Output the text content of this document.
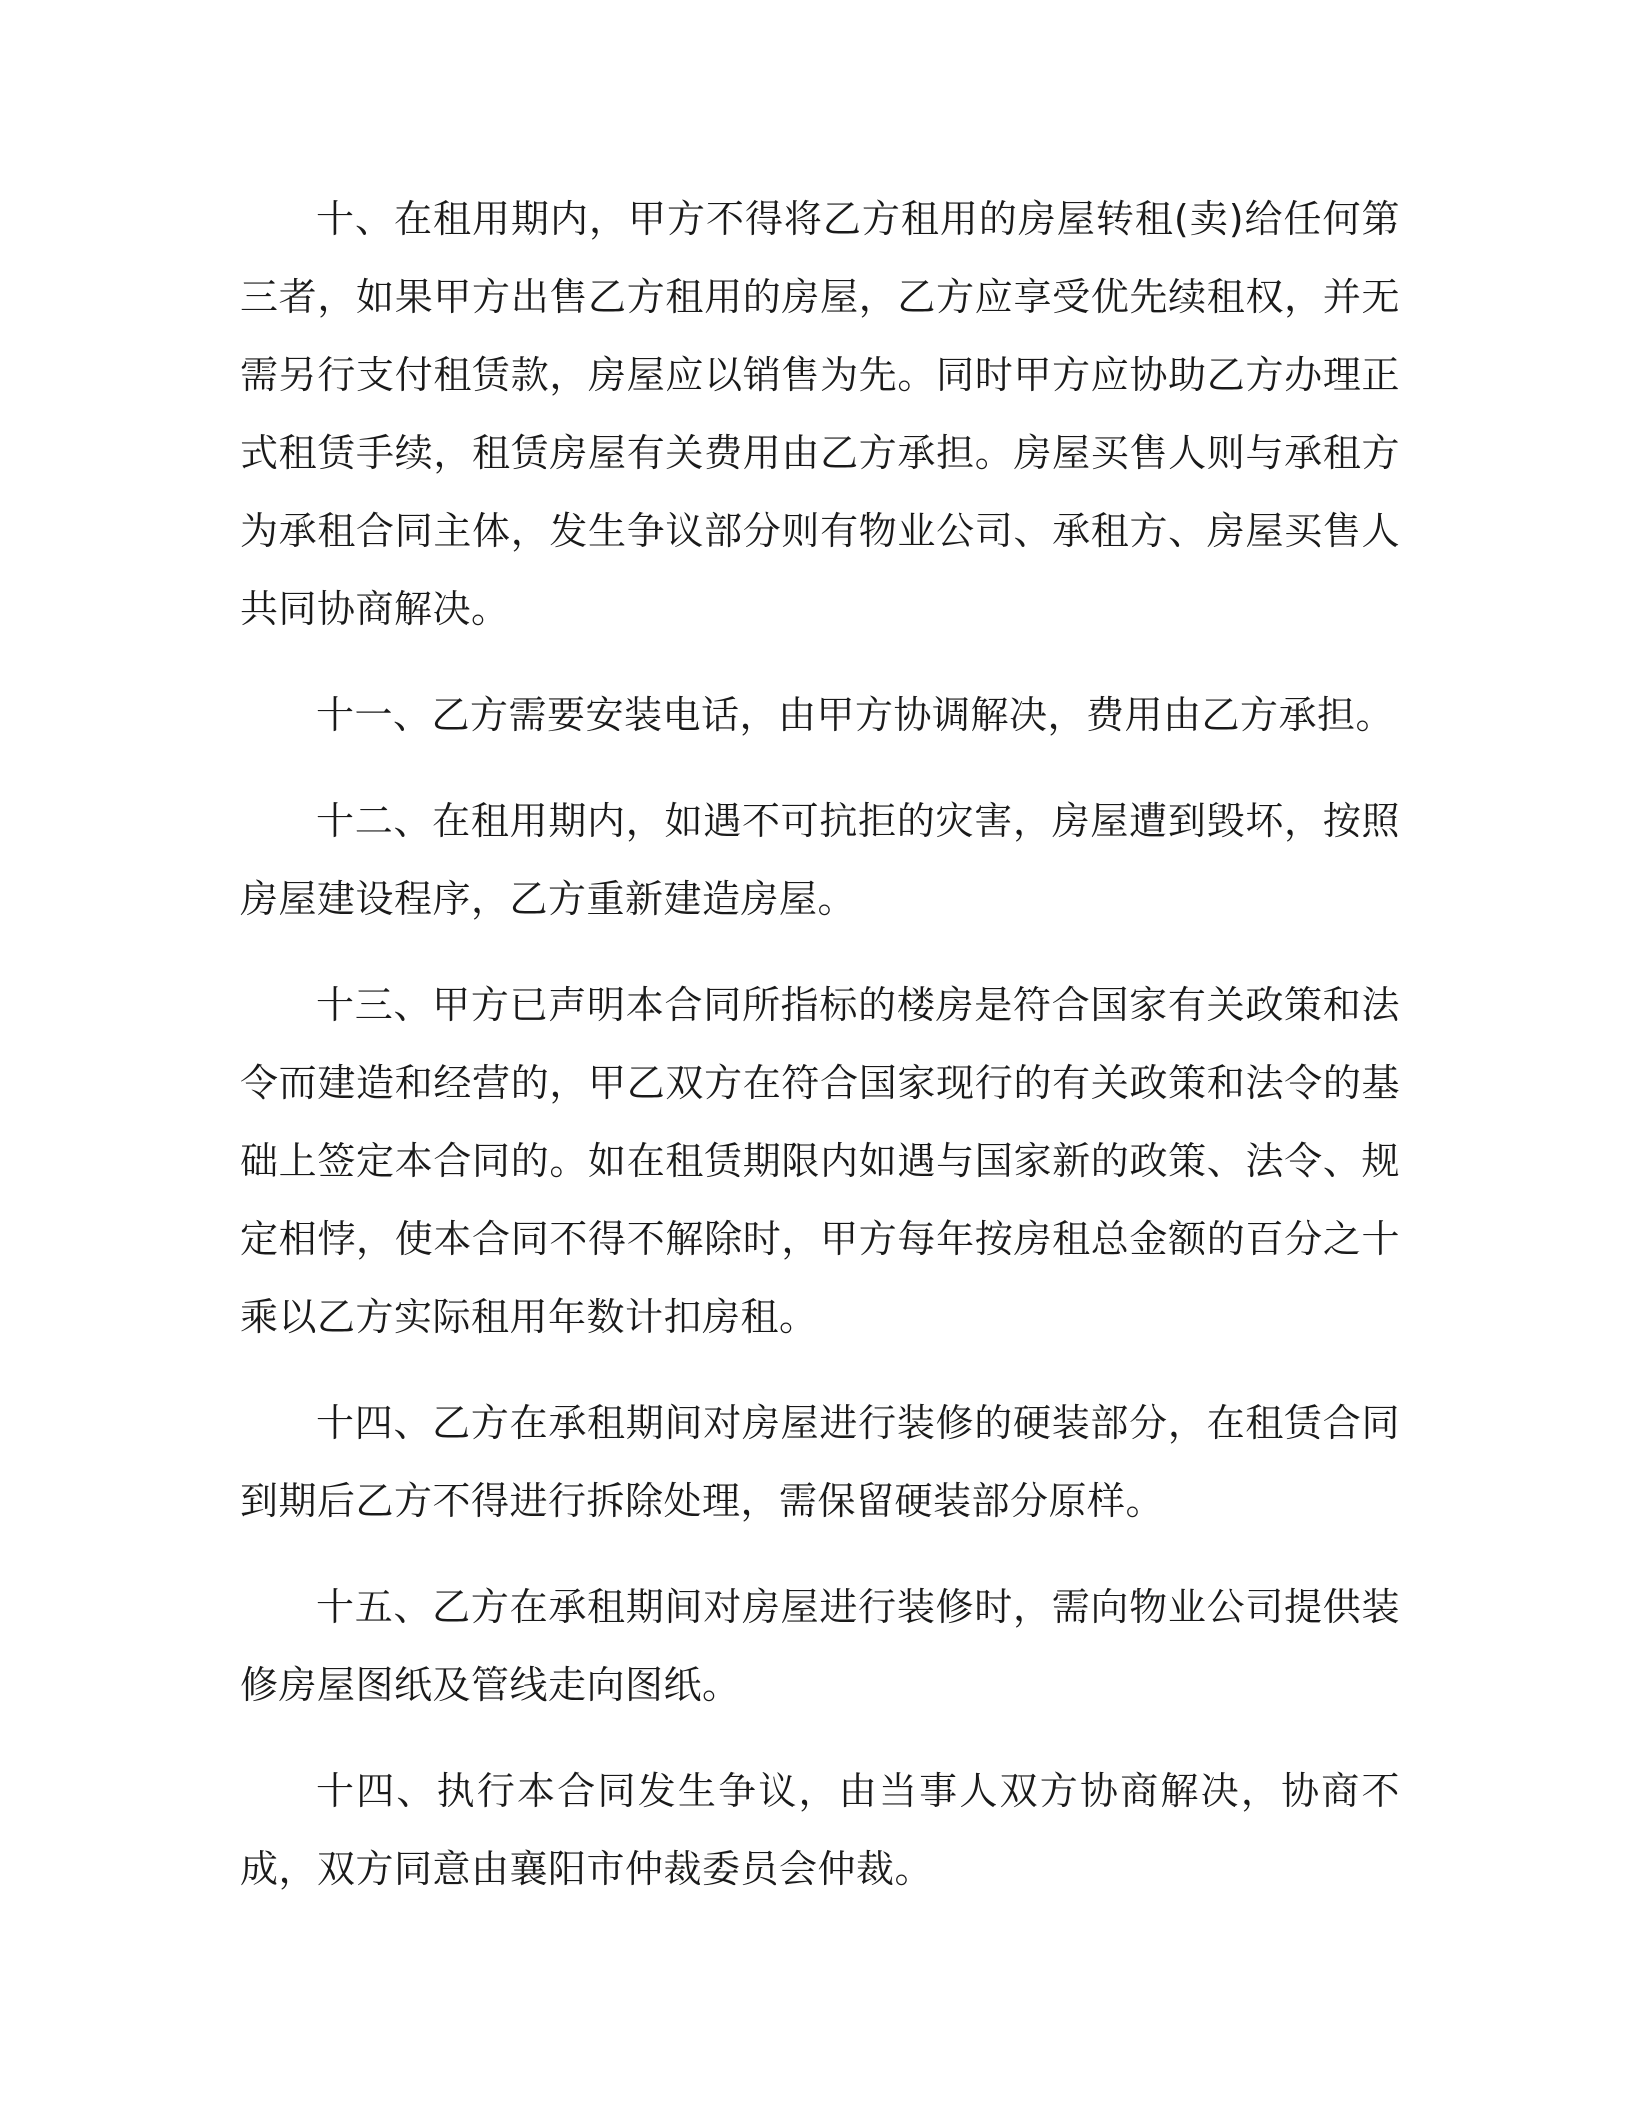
十、在租用期内，甲方不得将乙方租用的房屋转租(卖)给任何第三者，如果甲方出售乙方租用的房屋，乙方应享受优先续租权，并无需另行支付租赁款，房屋应以销售为先。同时甲方应协助乙方办理正式租赁手续，租赁房屋有关费用由乙方承担。房屋买售人则与承租方为承租合同主体，发生争议部分则有物业公司、承租方、房屋买售人共同协商解决。

十一、乙方需要安装电话，由甲方协调解决，费用由乙方承担。

十二、在租用期内，如遇不可抗拒的灾害，房屋遭到毁坏，按照房屋建设程序，乙方重新建造房屋。

十三、甲方已声明本合同所指标的楼房是符合国家有关政策和法令而建造和经营的，甲乙双方在符合国家现行的有关政策和法令的基础上签定本合同的。如在租赁期限内如遇与国家新的政策、法令、规定相悖，使本合同不得不解除时，甲方每年按房租总金额的百分之十乘以乙方实际租用年数计扣房租。

十四、乙方在承租期间对房屋进行装修的硬装部分，在租赁合同到期后乙方不得进行拆除处理，需保留硬装部分原样。

十五、乙方在承租期间对房屋进行装修时，需向物业公司提供装修房屋图纸及管线走向图纸。

十四、执行本合同发生争议，由当事人双方协商解决，协商不成，双方同意由襄阳市仲裁委员会仲裁。
